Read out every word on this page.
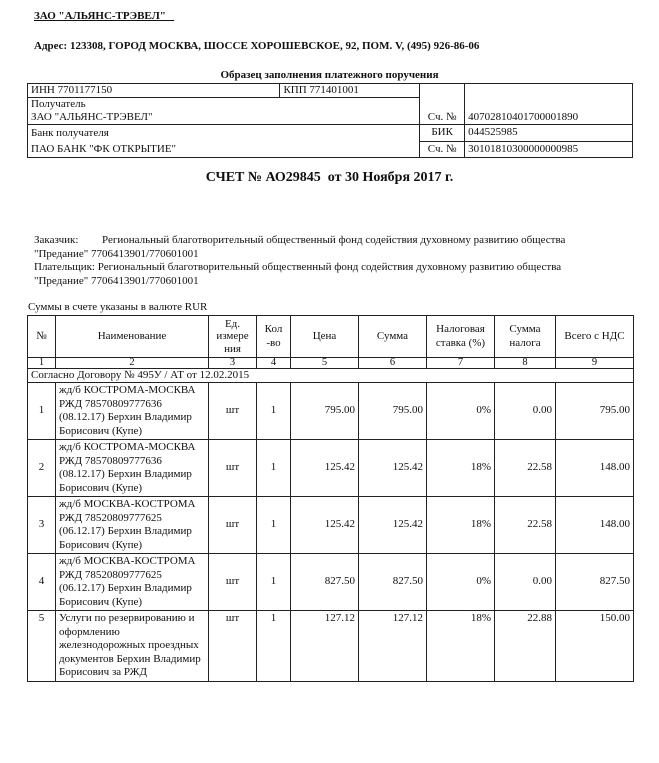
ЗАО "АЛЬЯНС-ТРЭВЕЛ"
Адрес: 123308, ГОРОД МОСКВА, ШОССЕ ХОРОШЕВСКОЕ, 92, ПОМ. V, (495) 926-86-06
Образец заполнения платежного поручения
ИНН 7701177150	КПП 771401001	Сч. №	40702810401700001890

Получатель
ЗАО "АЛЬЯНС-ТРЭВЕЛ"			

Банк получателя
ПАО БАНК "ФК ОТКРЫТИЕ"		БИК	044525985
		Сч. №	30101810300000000985
СЧЕТ № АО29845  от 30 Ноября 2017 г.
Заказчик: Региональный благотворительный общественный фонд содействия духовному развитию общества
"Предание" 7706413901/770601001
Плательщик: Региональный благотворительный общественный фонд содействия духовному развитию общества
"Предание" 7706413901/770601001
Суммы в счете указаны в валюте RUR
№	Наименование	Ед. измере ния	Кол -во	Цена	Сумма	Налоговая ставка (%)	Сумма налога	Всего с НДС
1	2	3	4	5	6	7	8	9
Согласно Договору № 495У / АТ от 12.02.2015								
1	жд/б КОСТРОМА-МОСКВА РЖД 78570809777636 (08.12.17) Берхин Владимир Борисович (Купе)	шт	1	795.00	795.00	0%	0.00	795.00
2	жд/б КОСТРОМА-МОСКВА РЖД 78570809777636 (08.12.17) Берхин Владимир Борисович (Купе)	шт	1	125.42	125.42	18%	22.58	148.00
3	жд/б МОСКВА-КОСТРОМА РЖД 78520809777625 (06.12.17) Берхин Владимир Борисович (Купе)	шт	1	125.42	125.42	18%	22.58	148.00
4	жд/б МОСКВА-КОСТРОМА РЖД 78520809777625 (06.12.17) Берхин Владимир Борисович (Купе)	шт	1	827.50	827.50	0%	0.00	827.50
5	Услуги по резервированию и оформлению железнодорожных проездных документов Берхин Владимир Борисович за РЖД	шт	1	127.12	127.12	18%	22.88	150.00
